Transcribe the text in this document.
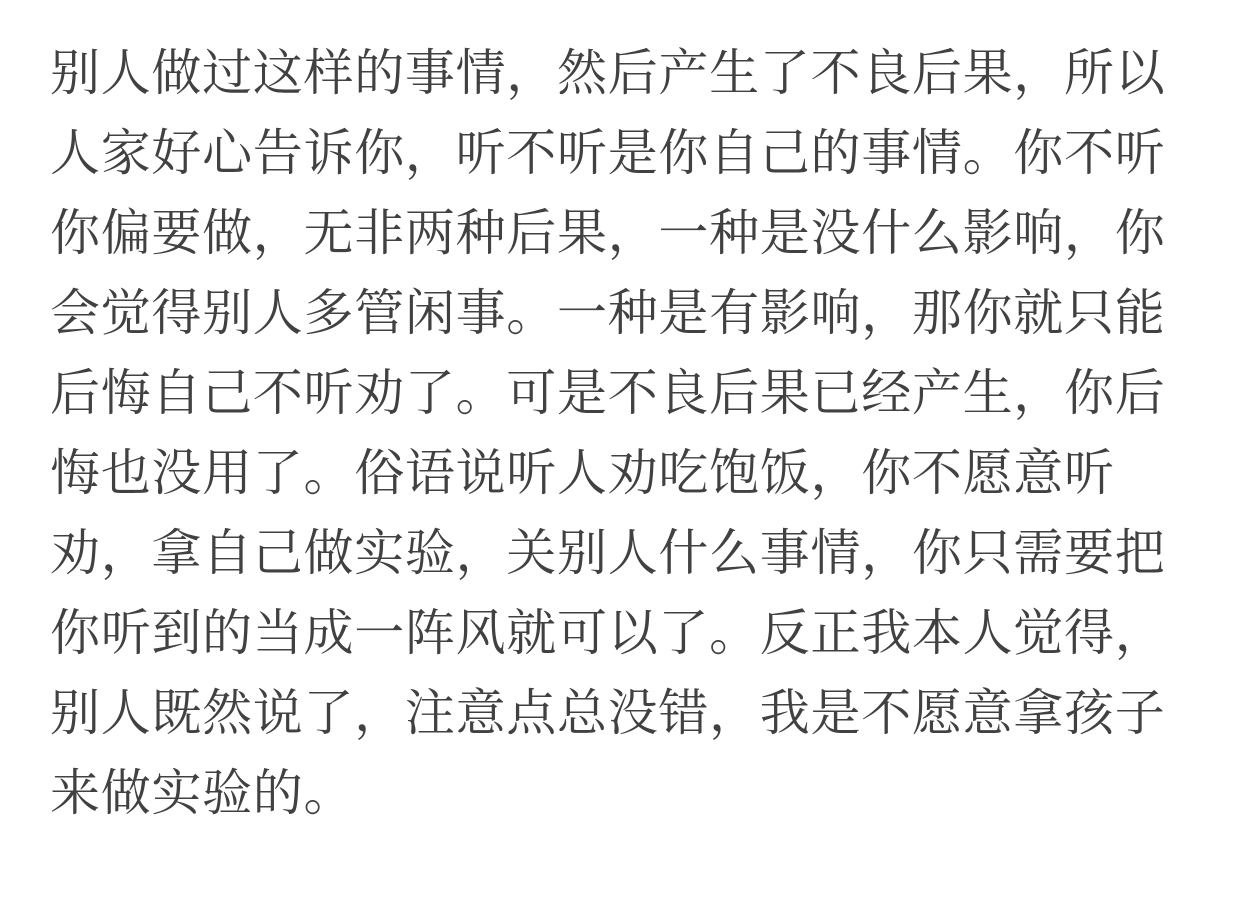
别人做过这样的事情，然后产生了不良后果，所以
人家好心告诉你，听不听是你自己的事情。你不听
你偏要做，无非两种后果，一种是没什么影响，你
会觉得别人多管闲事。一种是有影响，那你就只能
后悔自己不听劝了。可是不良后果已经产生，你后
悔也没用了。俗语说听人劝吃饱饭，你不愿意听
劝，拿自己做实验，关别人什么事情，你只需要把
你听到的当成一阵风就可以了。反正我本人觉得，
别人既然说了，注意点总没错，我是不愿意拿孩子
来做实验的。
